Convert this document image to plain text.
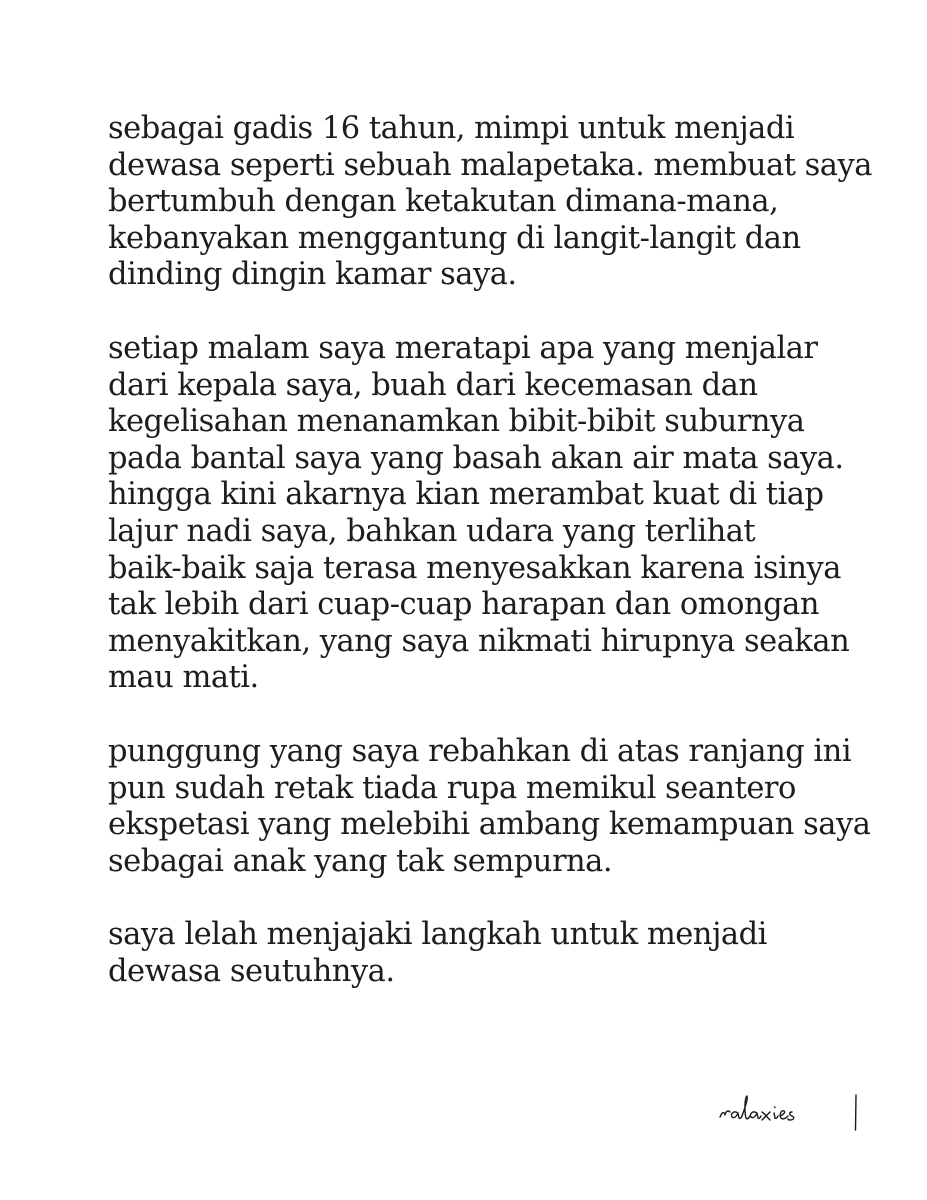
sebagai gadis 16 tahun, mimpi untuk menjadi
dewasa seperti sebuah malapetaka. membuat saya
bertumbuh dengan ketakutan dimana-mana,
kebanyakan menggantung di langit-langit dan
dinding dingin kamar saya.
setiap malam saya meratapi apa yang menjalar
dari kepala saya, buah dari kecemasan dan
kegelisahan menanamkan bibit-bibit suburnya
pada bantal saya yang basah akan air mata saya.
hingga kini akarnya kian merambat kuat di tiap
lajur nadi saya, bahkan udara yang terlihat
baik-baik saja terasa menyesakkan karena isinya
tak lebih dari cuap-cuap harapan dan omongan
menyakitkan, yang saya nikmati hirupnya seakan
mau mati.
punggung yang saya rebahkan di atas ranjang ini
pun sudah retak tiada rupa memikul seantero
ekspetasi yang melebihi ambang kemampuan saya
sebagai anak yang tak sempurna.
saya lelah menjajaki langkah untuk menjadi
dewasa seutuhnya.
